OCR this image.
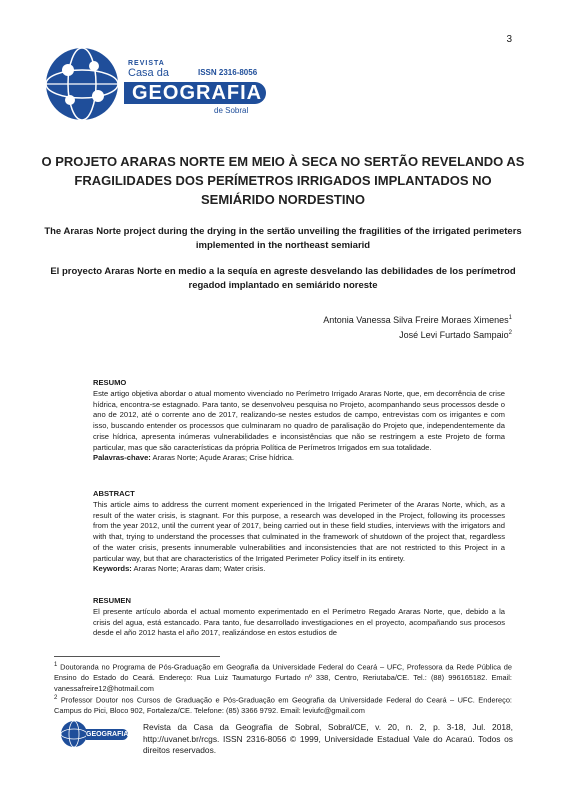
3
REVISTA
Casa da	ISSN 2316-8056
GEOGRAFIA
de Sobral
O PROJETO ARARAS NORTE EM MEIO À SECA NO SERTÃO REVELANDO AS FRAGILIDADES DOS PERÍMETROS IRRIGADOS IMPLANTADOS NO SEMIÁRIDO NORDESTINO
The Araras Norte project during the drying in the sertão unveiling the fragilities of the irrigated perimeters implemented in the northeast semiarid
El proyecto Araras Norte en medio a la sequía en agreste desvelando las debilidades de los perímetrod regadod implantado en semiárido noreste
Antonia Vanessa Silva Freire Moraes Ximenes$^1$
José Levi Furtado Sampaio$^2$
RESUMO
Este artigo objetiva abordar o atual momento vivenciado no Perímetro Irrigado Araras Norte, que, em decorrência de crise hídrica, encontra-se estagnado. Para tanto, se desenvolveu pesquisa no Projeto, acompanhando seus processos desde o ano de 2012, até o corrente ano de 2017, realizando-se nestes estudos de campo, entrevistas com os irrigantes e com isso, buscando entender os processos que culminaram no quadro de paralisação do Projeto que, independentemente da crise hídrica, apresenta inúmeras vulnerabilidades e inconsistências que não se restringem a este Projeto de forma particular, mas que são características da própria Política de Perímetros Irrigados em sua totalidade.
Palavras-chave: Araras Norte; Açude Araras; Crise hídrica.
ABSTRACT
This article aims to address the current moment experienced in the Irrigated Perimeter of the Araras Norte, which, as a result of the water crisis, is stagnant. For this purpose, a research was developed in the Project, following its processes from the year 2012, until the current year of 2017, being carried out in these field studies, interviews with the irrigators and with that, trying to understand the processes that culminated in the framework of shutdown of the project that, regardless of the water crisis, presents innumerable vulnerabilities and inconsistencies that are not restricted to this Project in a particular way, but that are characteristics of the Irrigated Perimeter Policy itself in its entirety.
Keywords: Araras Norte; Araras dam; Water crisis.
RESUMEN
El presente artículo aborda el actual momento experimentado en el Perímetro Regado Araras Norte, que, debido a la crisis del agua, está estancado. Para tanto, fue desarrollado investigaciones en el proyecto, acompañando sus procesos desde el año 2012 hasta el año 2017, realizándose en estos estudios de
$^1$ Doutoranda no Programa de Pós-Graduação em Geografia da Universidade Federal do Ceará – UFC, Professora da Rede Pública de Ensino do Estado do Ceará. Endereço: Rua Luiz Taumaturgo Furtado nº 338, Centro, Reriutaba/CE. Tel.: (88) 996165182. Email: vanessafreire12@hotmail.com
$^2$ Professor Doutor nos Cursos de Graduação e Pós-Graduação em Geografia da Universidade Federal do Ceará – UFC. Endereço: Campus do Pici, Bloco 902, Fortaleza/CE. Telefone: (85) 3366 9792. Email: leviufc@gmail.com
GEOGRAFIA
Revista da Casa da Geografia de Sobral, Sobral/CE, v. 20, n. 2, p. 3-18, Jul. 2018, http://uvanet.br/rcgs. ISSN 2316-8056 © 1999, Universidade Estadual Vale do Acaraú. Todos os direitos reservados.
